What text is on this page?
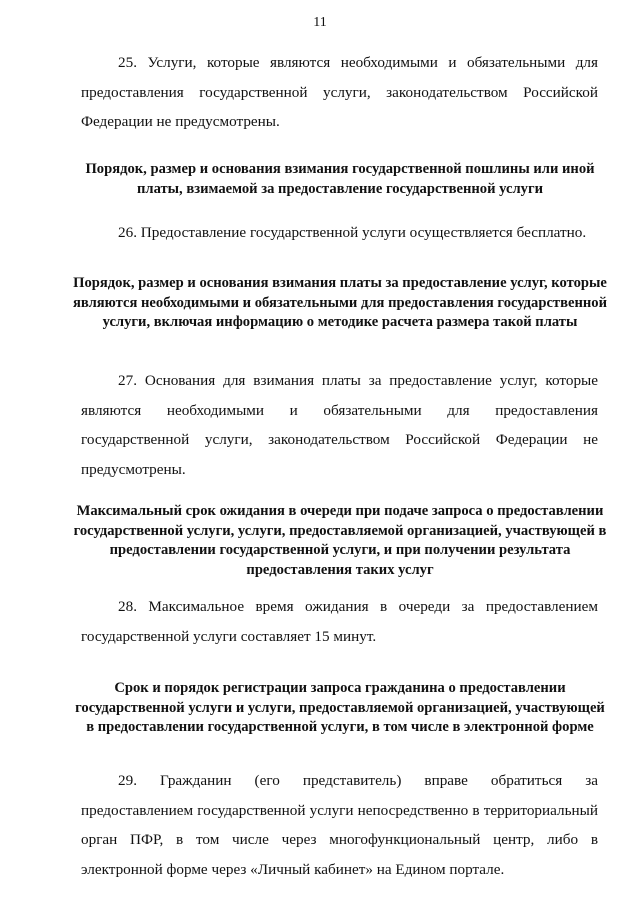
11

25. Услуги, которые являются необходимыми и обязательными для предоставления государственной услуги, законодательством Российской Федерации не предусмотрены.

Порядок, размер и основания взимания государственной пошлины или иной платы, взимаемой за предоставление государственной услуги

26. Предоставление государственной услуги осуществляется бесплатно.

Порядок, размер и основания взимания платы за предоставление услуг, которые являются необходимыми и обязательными для предоставления государственной услуги, включая информацию о методике расчета размера такой платы

27. Основания для взимания платы за предоставление услуг, которые являются необходимыми и обязательными для предоставления государственной услуги, законодательством Российской Федерации не предусмотрены.

Максимальный срок ожидания в очереди при подаче запроса о предоставлении государственной услуги, услуги, предоставляемой организацией, участвующей в предоставлении государственной услуги, и при получении результата предоставления таких услуг

28. Максимальное время ожидания в очереди за предоставлением государственной услуги составляет 15 минут.

Срок и порядок регистрации запроса гражданина о предоставлении государственной услуги и услуги, предоставляемой организацией, участвующей в предоставлении государственной услуги, в том числе в электронной форме

29. Гражданин (его представитель) вправе обратиться за предоставлением государственной услуги непосредственно в территориальный орган ПФР, в том числе через многофункциональный центр, либо в электронной форме через «Личный кабинет» на Едином портале.
